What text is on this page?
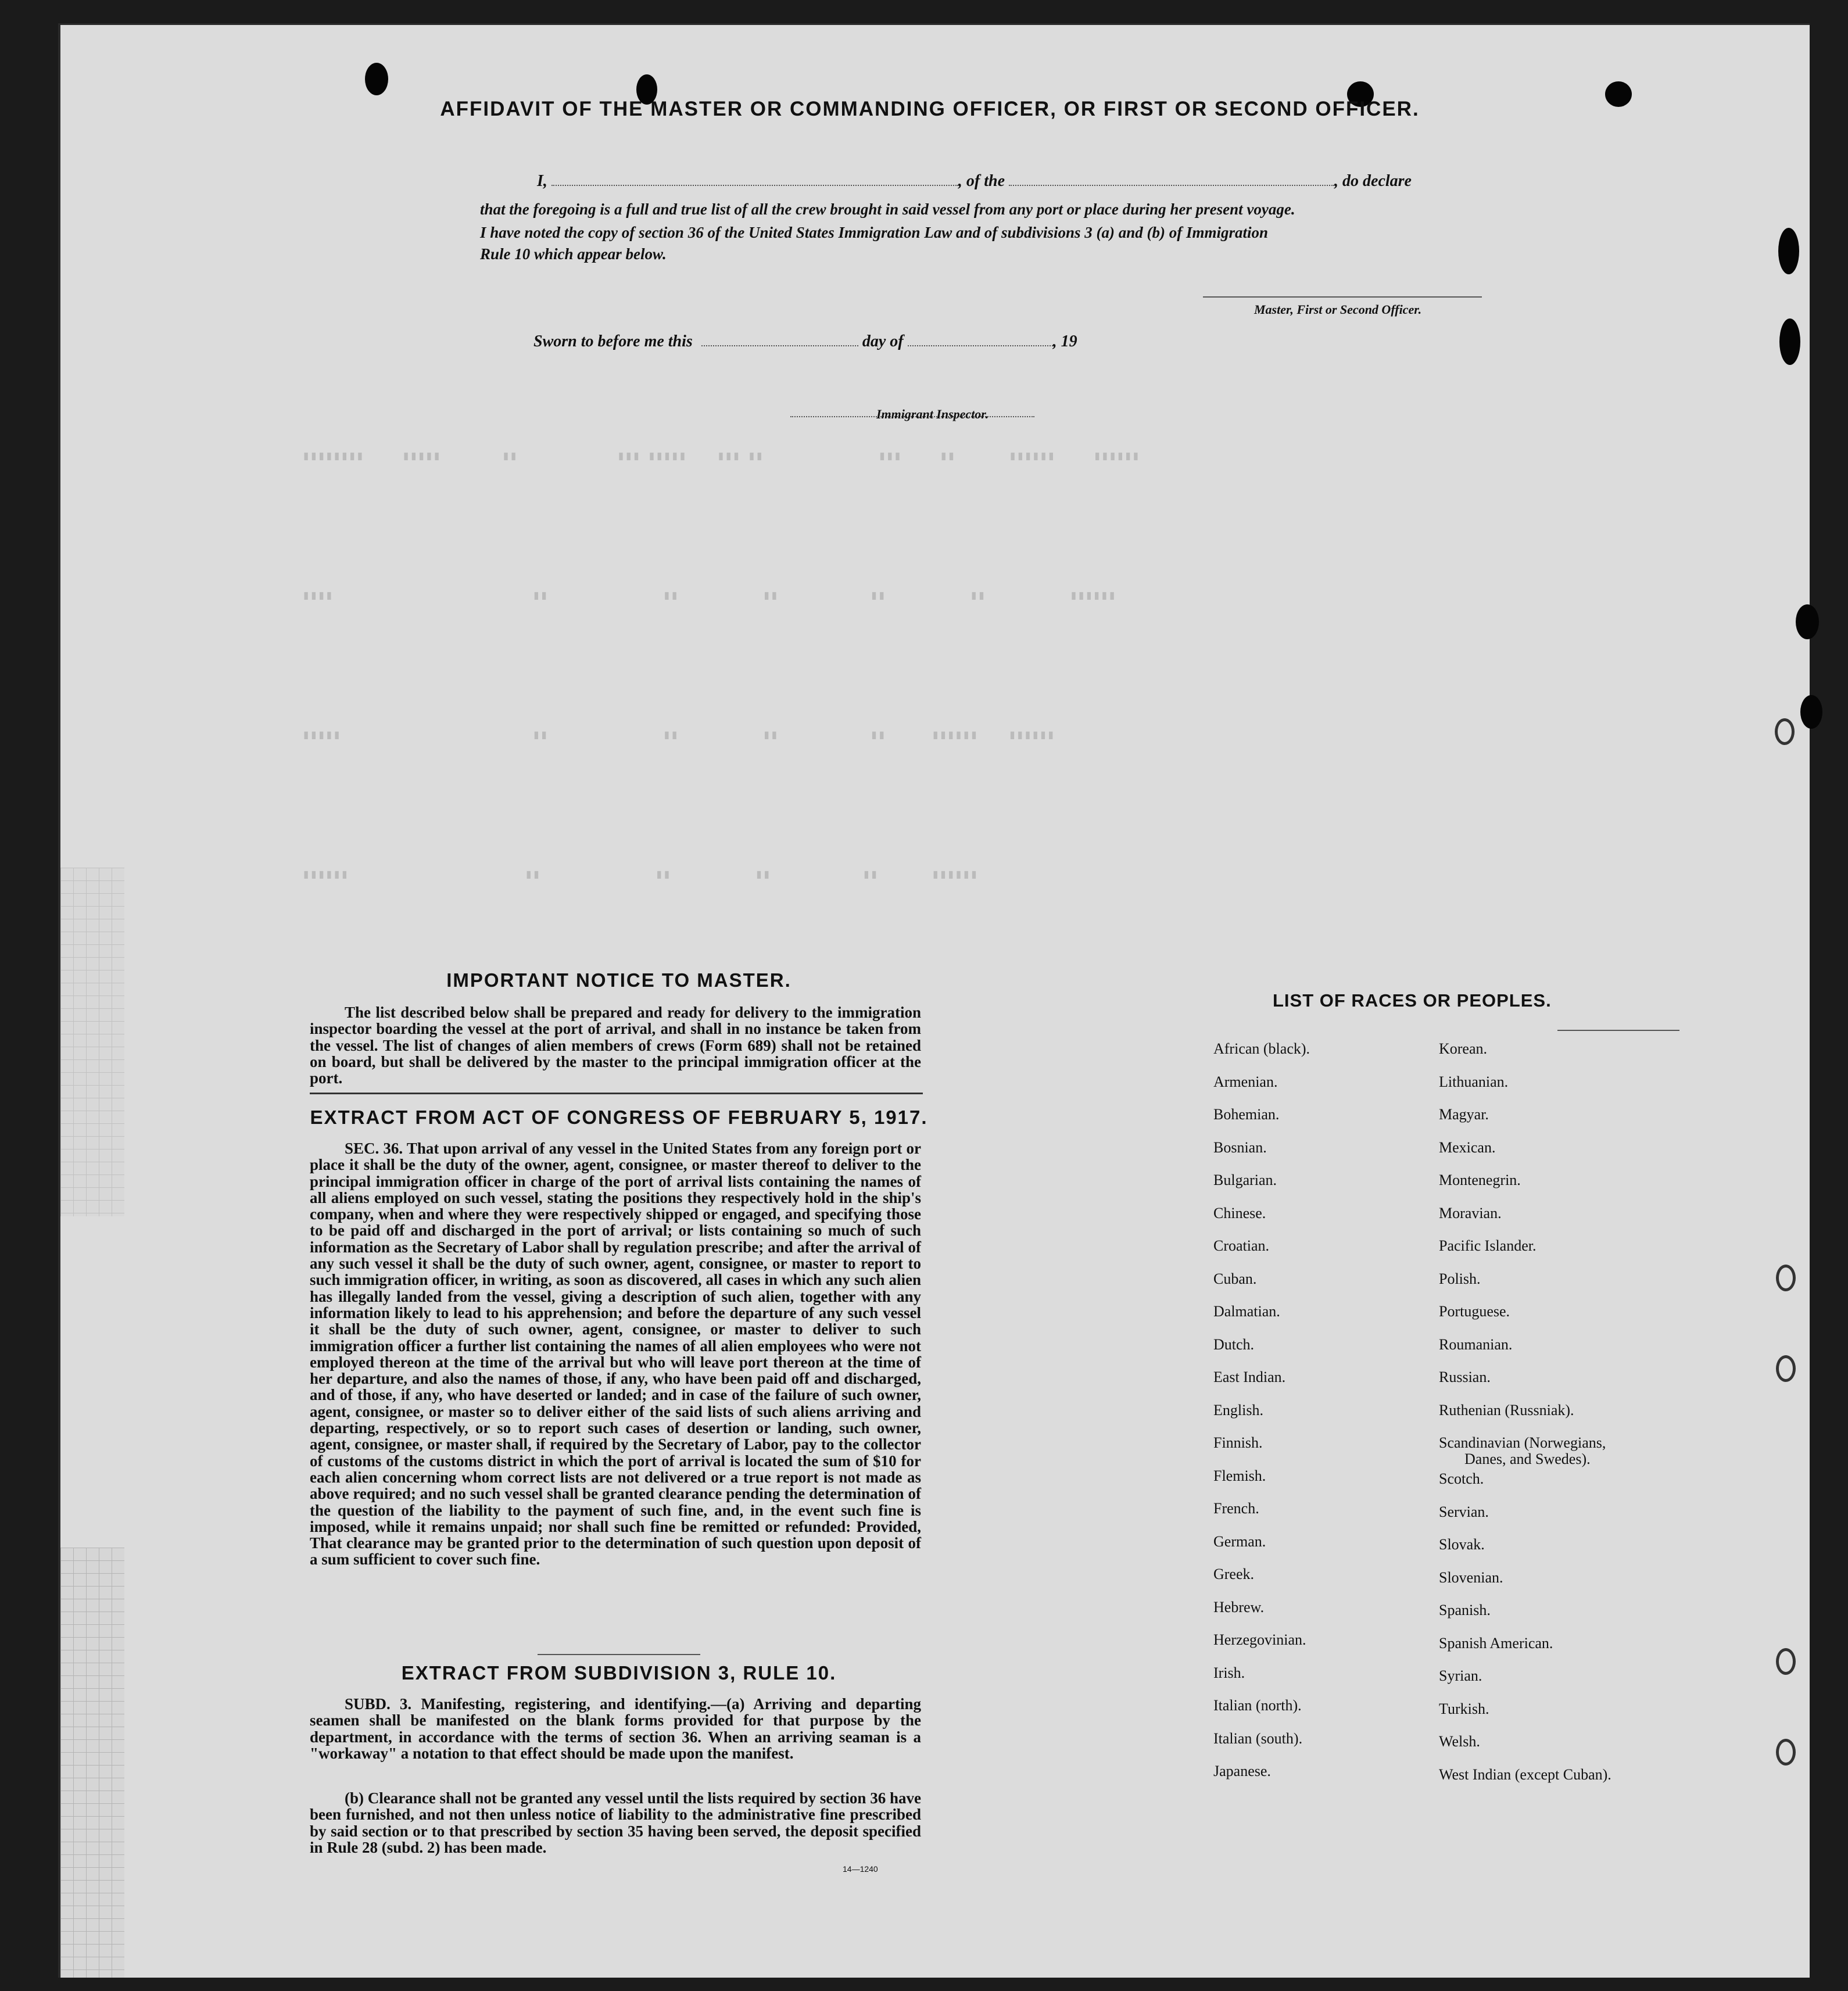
▮▮▮▮▮▮▮▮     ▮▮▮▮▮        ▮▮             ▮▮▮ ▮▮▮▮▮    ▮▮▮ ▮▮               ▮▮▮     ▮▮       ▮▮▮▮▮▮     ▮▮▮▮▮▮
▮▮▮▮                          ▮▮               ▮▮           ▮▮            ▮▮           ▮▮           ▮▮▮▮▮▮
▮▮▮▮▮                         ▮▮               ▮▮           ▮▮            ▮▮      ▮▮▮▮▮▮    ▮▮▮▮▮▮
▮▮▮▮▮▮                       ▮▮               ▮▮           ▮▮            ▮▮       ▮▮▮▮▮▮
AFFIDAVIT OF THE MASTER OR COMMANDING OFFICER, OR FIRST OR SECOND OFFICER.
I,	, of the	, do declare
that the foregoing is a full and true list of all the crew brought in said vessel from any port or place during her present voyage.
I have noted the copy of section 36 of the United States Immigration Law and of subdivisions 3 (a) and (b) of Immigration
Rule 10 which appear below.
Master, First or Second Officer.
Sworn to before me this	day of	, 19
Immigrant Inspector.
IMPORTANT NOTICE TO MASTER.
The list described below shall be prepared and ready for delivery to the immigration inspector boarding the vessel at the port of arrival, and shall in no instance be taken from the vessel. The list of changes of alien members of crews (Form 689) shall not be retained on board, but shall be delivered by the master to the principal immigration officer at the port.
EXTRACT FROM ACT OF CONGRESS OF FEBRUARY 5, 1917.
SEC. 36. That upon arrival of any vessel in the United States from any foreign port or place it shall be the duty of the owner, agent, consignee, or master thereof to deliver to the principal immigration officer in charge of the port of arrival lists containing the names of all aliens employed on such vessel, stating the positions they respectively hold in the ship's company, when and where they were respectively shipped or engaged, and specifying those to be paid off and discharged in the port of arrival; or lists containing so much of such information as the Secretary of Labor shall by regulation prescribe; and after the arrival of any such vessel it shall be the duty of such owner, agent, consignee, or master to report to such immigration officer, in writing, as soon as discovered, all cases in which any such alien has illegally landed from the vessel, giving a description of such alien, together with any information likely to lead to his apprehension; and before the departure of any such vessel it shall be the duty of such owner, agent, consignee, or master to deliver to such immigration officer a further list containing the names of all alien employees who were not employed thereon at the time of the arrival but who will leave port thereon at the time of her departure, and also the names of those, if any, who have been paid off and discharged, and of those, if any, who have deserted or landed; and in case of the failure of such owner, agent, consignee, or master so to deliver either of the said lists of such aliens arriving and departing, respectively, or so to report such cases of desertion or landing, such owner, agent, consignee, or master shall, if required by the Secretary of Labor, pay to the collector of customs of the customs district in which the port of arrival is located the sum of $10 for each alien concerning whom correct lists are not delivered or a true report is not made as above required; and no such vessel shall be granted clearance pending the determination of the question of the liability to the payment of such fine, and, in the event such fine is imposed, while it remains unpaid; nor shall such fine be remitted or refunded: Provided, That clearance may be granted prior to the determination of such question upon deposit of a sum sufficient to cover such fine.
EXTRACT FROM SUBDIVISION 3, RULE 10.
SUBD. 3. Manifesting, registering, and identifying.—(a) Arriving and departing seamen shall be manifested on the blank forms provided for that purpose by the department, in accordance with the terms of section 36. When an arriving seaman is a "workaway" a notation to that effect should be made upon the manifest.
(b) Clearance shall not be granted any vessel until the lists required by section 36 have been furnished, and not then unless notice of liability to the administrative fine prescribed by said section or to that prescribed by section 35 having been served, the deposit specified in Rule 28 (subd. 2) has been made.
14—1240
LIST OF RACES OR PEOPLES.
African (black).
Armenian.
Bohemian.
Bosnian.
Bulgarian.
Chinese.
Croatian.
Cuban.
Dalmatian.
Dutch.
East Indian.
English.
Finnish.
Flemish.
French.
German.
Greek.
Hebrew.
Herzegovinian.
Irish.
Italian (north).
Italian (south).
Japanese.
Korean.
Lithuanian.
Magyar.
Mexican.
Montenegrin.
Moravian.
Pacific Islander.
Polish.
Portuguese.
Roumanian.
Russian.
Ruthenian (Russniak).
Scandinavian (Norwegians,
Danes, and Swedes).
Scotch.
Servian.
Slovak.
Slovenian.
Spanish.
Spanish American.
Syrian.
Turkish.
Welsh.
West Indian (except Cuban).
